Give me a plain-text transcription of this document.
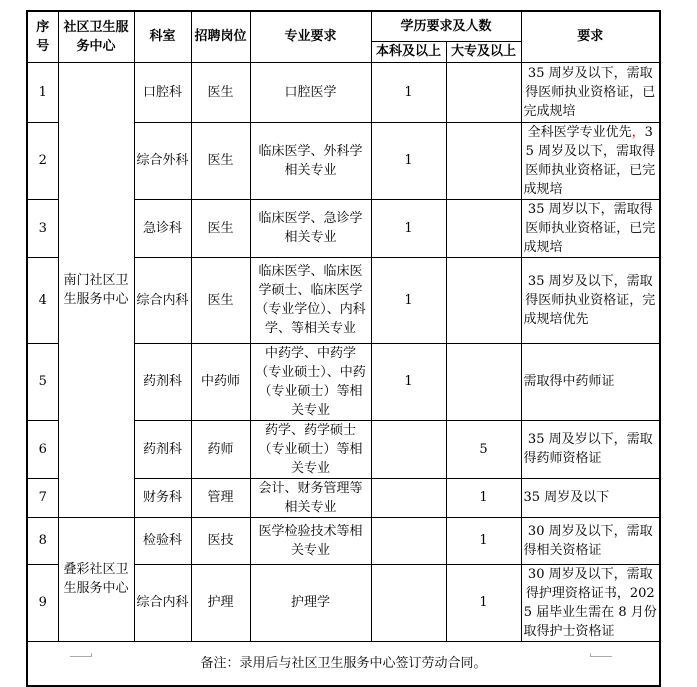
序号	社区卫生服务中心	科室	招聘岗位	专业要求	学历要求及人数		要求
					本科及以上	大专及以上	
1	南门社区卫生服务中心	口腔科	医生	口腔医学	1		35 周岁及以下，需取得医师执业资格证，已完成规培
2		综合外科	医生	临床医学、外科学相关专业	1		全科医学专业优先，35 周岁及以下，需取得医师执业资格证，已完成规培
3		急诊科	医生	临床医学、急诊学相关专业	1		35 周岁以下，需取得医师执业资格证，已完成规培
4		综合内科	医生	临床医学、临床医学硕士、临床医学（专业学位）、内科学、等相关专业	1		35 周岁及以下，需取得医师执业资格证，完成规培优先
5		药剂科	中药师	中药学、中药学（专业硕士）、中药（专业硕士）等相关专业	1		需取得中药师证
6		药剂科	药师	药学、药学硕士（专业硕士）等相关专业		5	35 周及岁以下，需取得药师资格证
7		财务科	管理	会计、财务管理等相关专业		1	35 周岁及以下
8	叠彩社区卫生服务中心	检验科	医技	医学检验技术等相关专业		1	30 周岁及以下，需取得相关资格证
9		综合内科	护理	护理学		1	30 周岁及以下，需取得护理资格证书，2025 届毕业生需在 8 月份取得护士资格证
备注：录用后与社区卫生服务中心签订劳动合同。							
